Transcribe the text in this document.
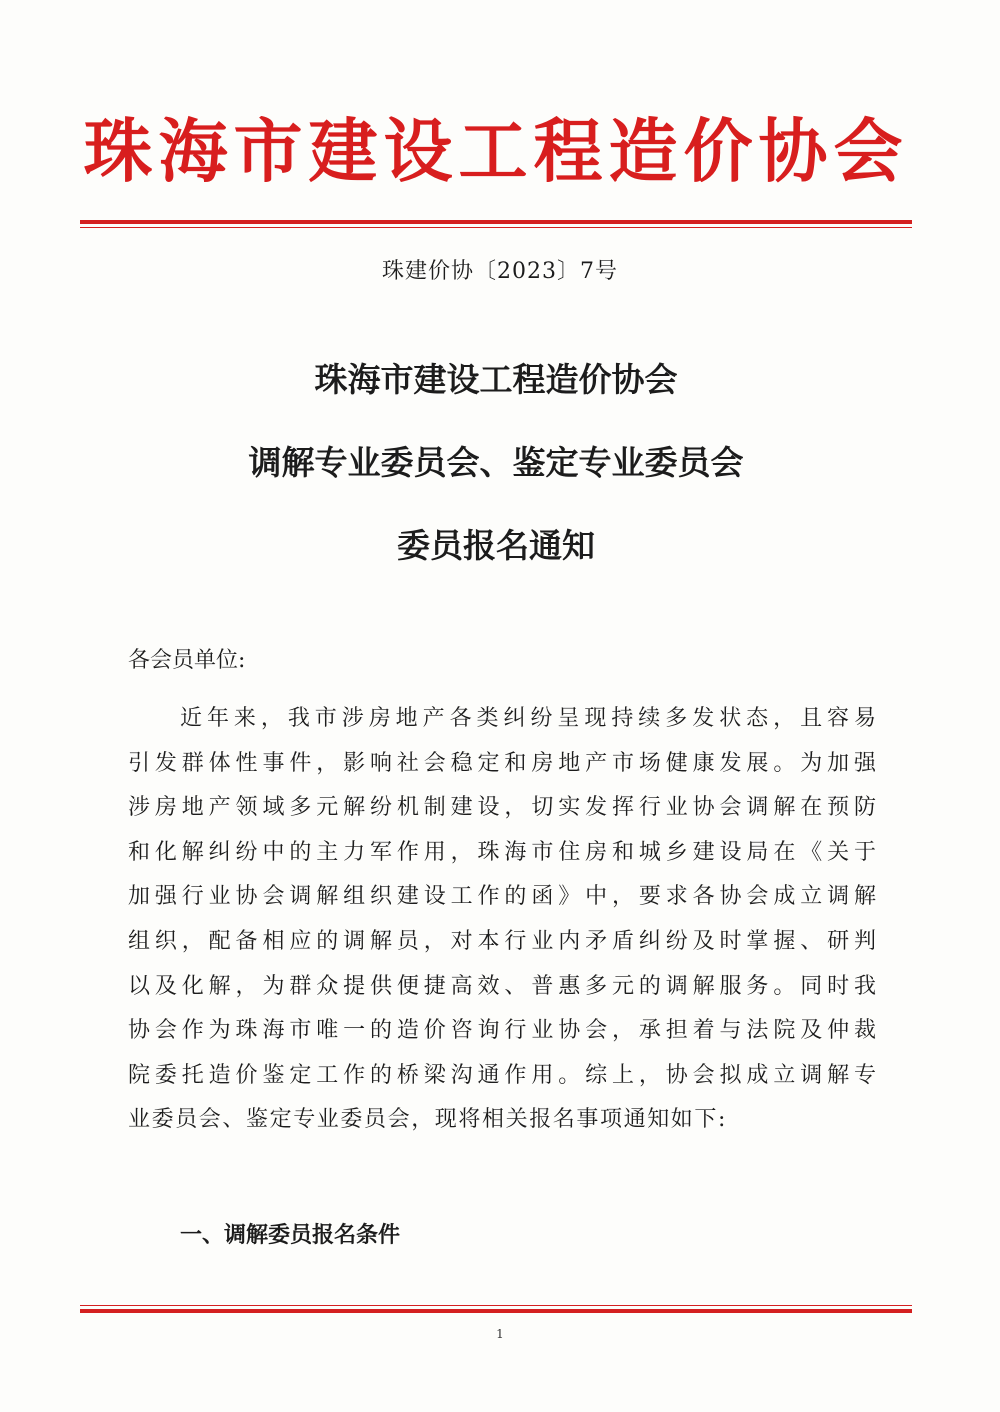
珠海市建设工程造价协会
珠建价协〔2023〕7号
珠海市建设工程造价协会
调解专业委员会、鉴定专业委员会
委员报名通知
各会员单位:
近年来，我市涉房地产各类纠纷呈现持续多发状态，且容易
引发群体性事件，影响社会稳定和房地产市场健康发展。为加强
涉房地产领域多元解纷机制建设，切实发挥行业协会调解在预防
和化解纠纷中的主力军作用，珠海市住房和城乡建设局在《关于
加强行业协会调解组织建设工作的函》中，要求各协会成立调解
组织，配备相应的调解员，对本行业内矛盾纠纷及时掌握、研判
以及化解，为群众提供便捷高效、普惠多元的调解服务。同时我
协会作为珠海市唯一的造价咨询行业协会，承担着与法院及仲裁
院委托造价鉴定工作的桥梁沟通作用。综上，协会拟成立调解专
业委员会、鉴定专业委员会，现将相关报名事项通知如下:
一、调解委员报名条件
1
